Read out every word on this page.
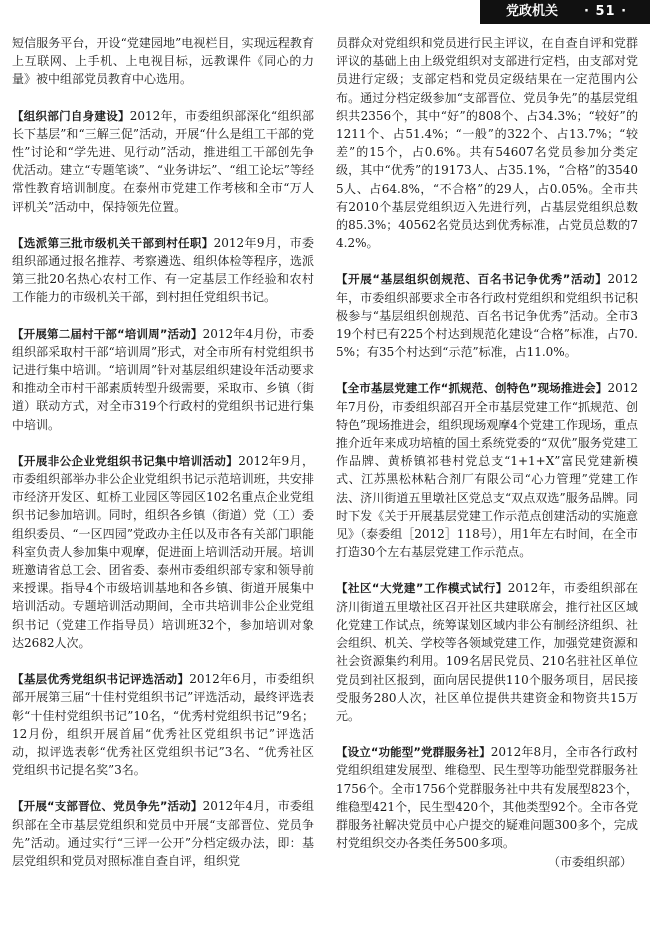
党政机关 · 51 ·

短信服务平台，开设“党建园地”电视栏目，实现远程教育上互联网、上手机、上电视目标，远教课件《同心的力量》被中组部党员教育中心选用。

【组织部门自身建设】2012年，市委组织部深化“组织部长下基层”和“三解三促”活动，开展“什么是组工干部的党性”讨论和“学先进、见行动”活动，推进组工干部创先争优活动。建立“专题笔谈”、“业务讲坛”、“组工论坛”等经常性教育培训制度。在泰州市党建工作考核和全市“万人评机关”活动中，保持领先位置。

【选派第三批市级机关干部到村任职】2012年9月，市委组织部通过报名推荐、考察遴选、组织体检等程序，选派第三批20名热心农村工作、有一定基层工作经验和农村工作能力的市级机关干部，到村担任党组织书记。

【开展第二届村干部“培训周”活动】2012年4月份，市委组织部采取村干部“培训周”形式，对全市所有村党组织书记进行集中培训。“培训周”针对基层组织建设年活动要求和推动全市村干部素质转型升级需要，采取市、乡镇（街道）联动方式，对全市319个行政村的党组织书记进行集中培训。

【开展非公企业党组织书记集中培训活动】2012年9月，市委组织部举办非公企业党组织书记示范培训班，共安排市经济开发区、虹桥工业园区等园区102名重点企业党组织书记参加培训。同时，组织各乡镇（街道）党（工）委组织委员、“一区四园”党政办主任以及市各有关部门职能科室负责人参加集中观摩，促进面上培训活动开展。培训班邀请省总工会、团省委、泰州市委组织部专家和领导前来授课。指导4个市级培训基地和各乡镇、街道开展集中培训活动。专题培训活动期间，全市共培训非公企业党组织书记（党建工作指导员）培训班32个，参加培训对象达2682人次。

【基层优秀党组织书记评选活动】2012年6月，市委组织部开展第三届“十佳村党组织书记”评选活动，最终评选表彰“十佳村党组织书记”10名，“优秀村党组织书记”9名；12月份，组织开展首届“优秀社区党组织书记”评选活动，拟评选表彰“优秀社区党组织书记”3名、“优秀社区党组织书记提名奖”3名。

【开展“支部晋位、党员争先”活动】2012年4月，市委组织部在全市基层党组织和党员中开展“支部晋位、党员争先”活动。通过实行“三评一公开”分档定级办法，即：基层党组织和党员对照标准自查自评，组织党

员群众对党组织和党员进行民主评议，在自查自评和党群评议的基础上由上级党组织对支部进行定档，由支部对党员进行定级；支部定档和党员定级结果在一定范围内公布。通过分档定级参加“支部晋位、党员争先”的基层党组织共2356个，其中“好”的808个、占34.3%；“较好”的1211个、占51.4%；“一般”的322个、占13.7%；“较差”的15个，占0.6%。共有54607名党员参加分类定级，其中“优秀”的19173人、占35.1%，“合格”的35405人、占64.8%，“不合格”的29人，占0.05%。全市共有2010个基层党组织迈入先进行列，占基层党组织总数的85.3%；40562名党员达到优秀标准，占党员总数的74.2%。

【开展“基层组织创规范、百名书记争优秀”活动】2012年，市委组织部要求全市各行政村党组织和党组织书记积极参与“基层组织创规范、百名书记争优秀”活动。全市319个村已有225个村达到规范化建设“合格”标准，占70.5%；有35个村达到“示范”标准，占11.0%。

【全市基层党建工作“抓规范、创特色”现场推进会】2012年7月份，市委组织部召开全市基层党建工作“抓规范、创特色”现场推进会，组织现场观摩4个党建工作现场，重点推介近年来成功培植的国土系统党委的“双优”服务党建工作品牌、黄桥镇祁巷村党总支“1+1+X”富民党建新模式、江苏黑松林粘合剂厂有限公司“心力管理”党建工作法、济川街道五里墩社区党总支“双点双选”服务品牌。同时下发《关于开展基层党建工作示范点创建活动的实施意见》（泰委组［2012］118号），用1年左右时间，在全市打造30个左右基层党建工作示范点。

【社区“大党建”工作模式试行】2012年，市委组织部在济川街道五里墩社区召开社区共建联席会，推行社区区域化党建工作试点，统筹谋划区域内非公有制经济组织、社会组织、机关、学校等各领域党建工作，加强党建资源和社会资源集约利用。109名居民党员、210名驻社区单位党员到社区报到，面向居民提供110个服务项目，居民接受服务280人次，社区单位提供共建资金和物资共15万元。

【设立“功能型”党群服务社】2012年8月，全市各行政村党组织组建发展型、维稳型、民生型等功能型党群服务社1756个。全市1756个党群服务社中共有发展型823个，维稳型421个，民生型420个，其他类型92个。全市各党群服务社解决党员中心户提交的疑难问题300多个，完成村党组织交办各类任务500多项。

（市委组织部）
